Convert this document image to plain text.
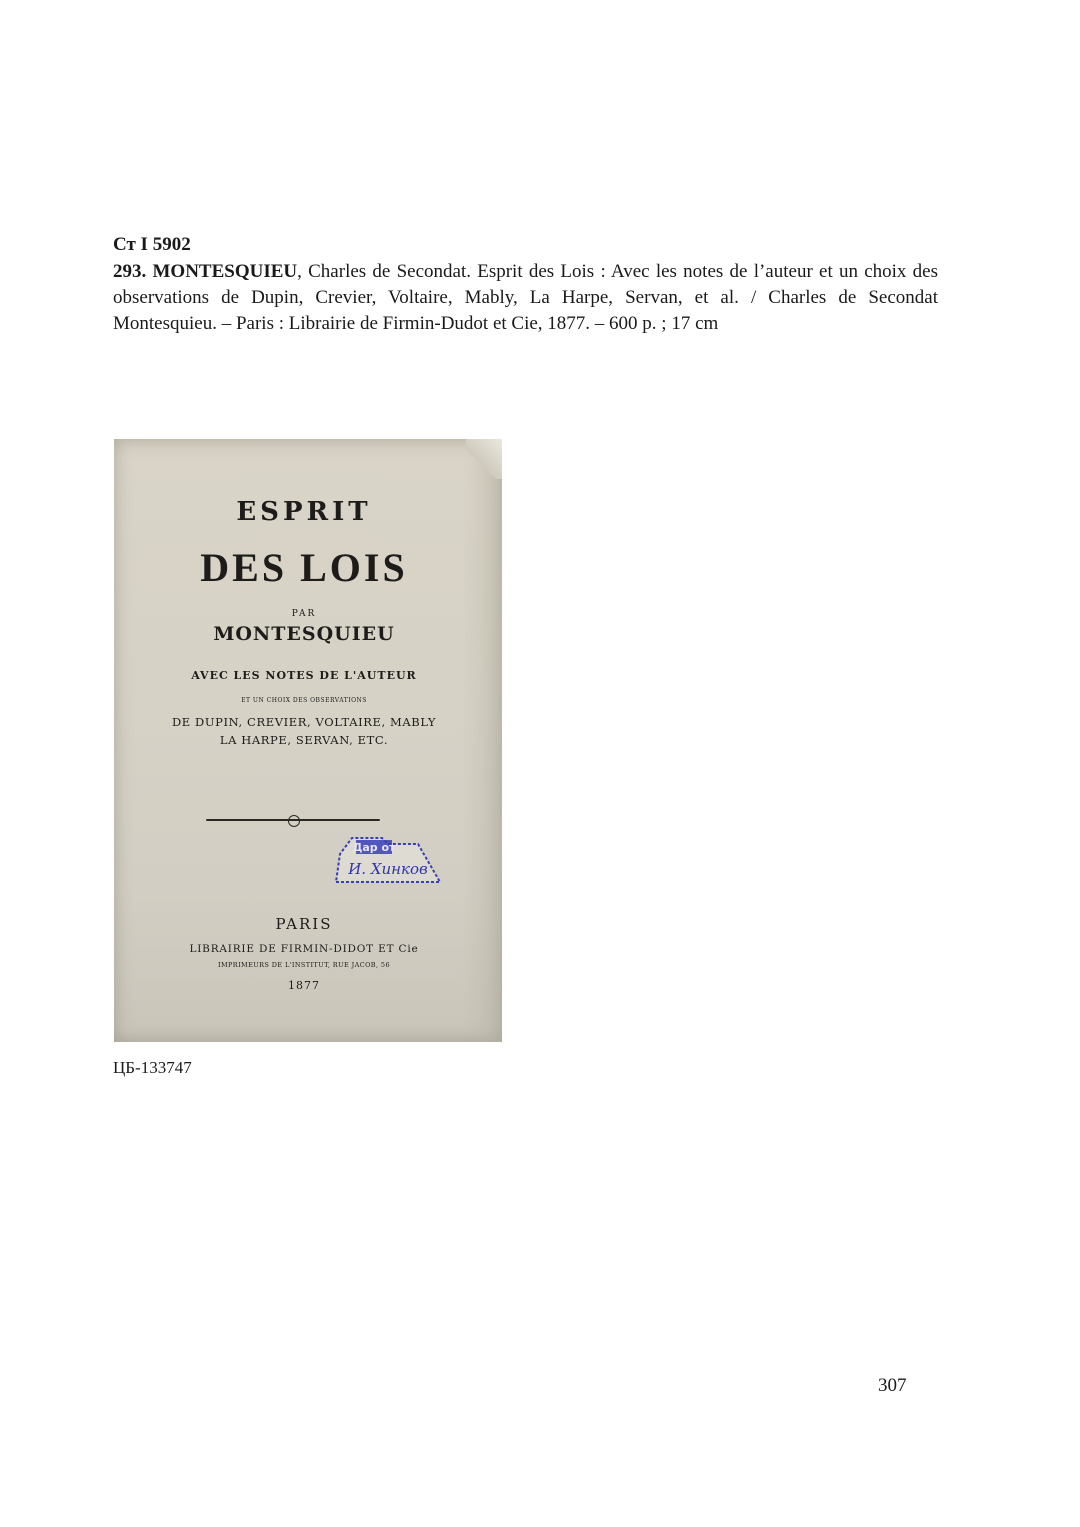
Ст I 5902
293. MONTESQUIEU, Charles de Secondat. Esprit des Lois : Avec les notes de l’auteur et un choix des observations de Dupin, Crevier, Voltaire, Mably, La Harpe, Servan, et al. / Charles de Secondat Montesquieu. – Paris : Librairie de Firmin-Dudot et Cie, 1877. – 600 p. ; 17 cm
ESPRIT
DES LOIS
PAR
MONTESQUIEU
AVEC LES NOTES DE L'AUTEUR
ET UN CHOIX DES OBSERVATIONS
DE DUPIN, CREVIER, VOLTAIRE, MABLY
LA HARPE, SERVAN, ETC.
Дар от
И. Хинков
PARIS
LIBRAIRIE DE FIRMIN-DIDOT ET Cie
IMPRIMEURS DE L'INSTITUT, RUE JACOB, 56
1877
ЦБ-133747
307
